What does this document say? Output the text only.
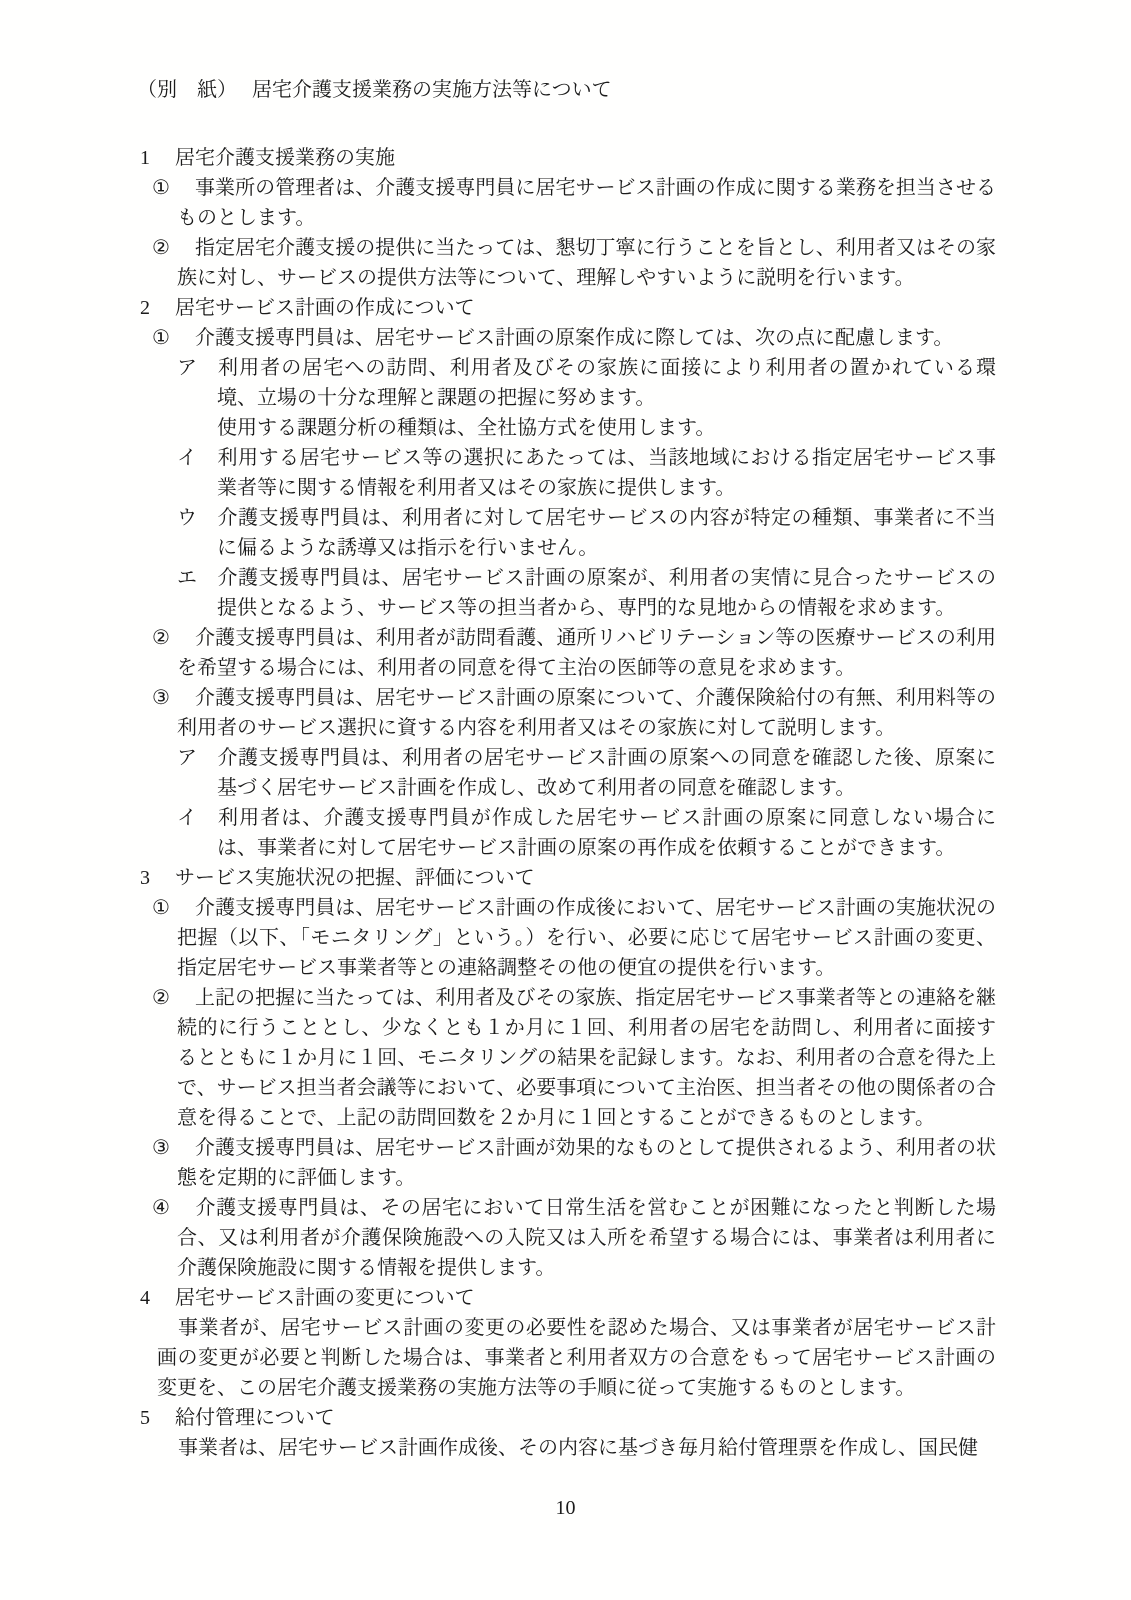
（別　紙） 居宅介護支援業務の実施方法等について
1 居宅介護支援業務の実施
① 事業所の管理者は、介護支援専門員に居宅サービス計画の作成に関する業務を担当させるものとします。
② 指定居宅介護支援の提供に当たっては、懇切丁寧に行うことを旨とし、利用者又はその家族に対し、サービスの提供方法等について、理解しやすいように説明を行います。
2 居宅サービス計画の作成について
① 介護支援専門員は、居宅サービス計画の原案作成に際しては、次の点に配慮します。
ア 利用者の居宅への訪問、利用者及びその家族に面接により利用者の置かれている環境、立場の十分な理解と課題の把握に努めます。
使用する課題分析の種類は、全社協方式を使用します。
イ 利用する居宅サービス等の選択にあたっては、当該地域における指定居宅サービス事業者等に関する情報を利用者又はその家族に提供します。
ウ 介護支援専門員は、利用者に対して居宅サービスの内容が特定の種類、事業者に不当に偏るような誘導又は指示を行いません。
エ 介護支援専門員は、居宅サービス計画の原案が、利用者の実情に見合ったサービスの提供となるよう、サービス等の担当者から、専門的な見地からの情報を求めます。
② 介護支援専門員は、利用者が訪問看護、通所リハビリテーション等の医療サービスの利用を希望する場合には、利用者の同意を得て主治の医師等の意見を求めます。
③ 介護支援専門員は、居宅サービス計画の原案について、介護保険給付の有無、利用料等の利用者のサービス選択に資する内容を利用者又はその家族に対して説明します。
ア 介護支援専門員は、利用者の居宅サービス計画の原案への同意を確認した後、原案に基づく居宅サービス計画を作成し、改めて利用者の同意を確認します。
イ 利用者は、介護支援専門員が作成した居宅サービス計画の原案に同意しない場合には、事業者に対して居宅サービス計画の原案の再作成を依頼することができます。
3 サービス実施状況の把握、評価について
① 介護支援専門員は、居宅サービス計画の作成後において、居宅サービス計画の実施状況の把握（以下、「モニタリング」という。）を行い、必要に応じて居宅サービス計画の変更、指定居宅サービス事業者等との連絡調整その他の便宜の提供を行います。
② 上記の把握に当たっては、利用者及びその家族、指定居宅サービス事業者等との連絡を継続的に行うこととし、少なくとも１か月に１回、利用者の居宅を訪問し、利用者に面接するとともに１か月に１回、モニタリングの結果を記録します。なお、利用者の合意を得た上で、サービス担当者会議等において、必要事項について主治医、担当者その他の関係者の合意を得ることで、上記の訪問回数を２か月に１回とすることができるものとします。
③ 介護支援専門員は、居宅サービス計画が効果的なものとして提供されるよう、利用者の状態を定期的に評価します。
④ 介護支援専門員は、その居宅において日常生活を営むことが困難になったと判断した場合、又は利用者が介護保険施設への入院又は入所を希望する場合には、事業者は利用者に介護保険施設に関する情報を提供します。
4 居宅サービス計画の変更について
事業者が、居宅サービス計画の変更の必要性を認めた場合、又は事業者が居宅サービス計画の変更が必要と判断した場合は、事業者と利用者双方の合意をもって居宅サービス計画の変更を、この居宅介護支援業務の実施方法等の手順に従って実施するものとします。
5 給付管理について
事業者は、居宅サービス計画作成後、その内容に基づき毎月給付管理票を作成し、国民健
10
